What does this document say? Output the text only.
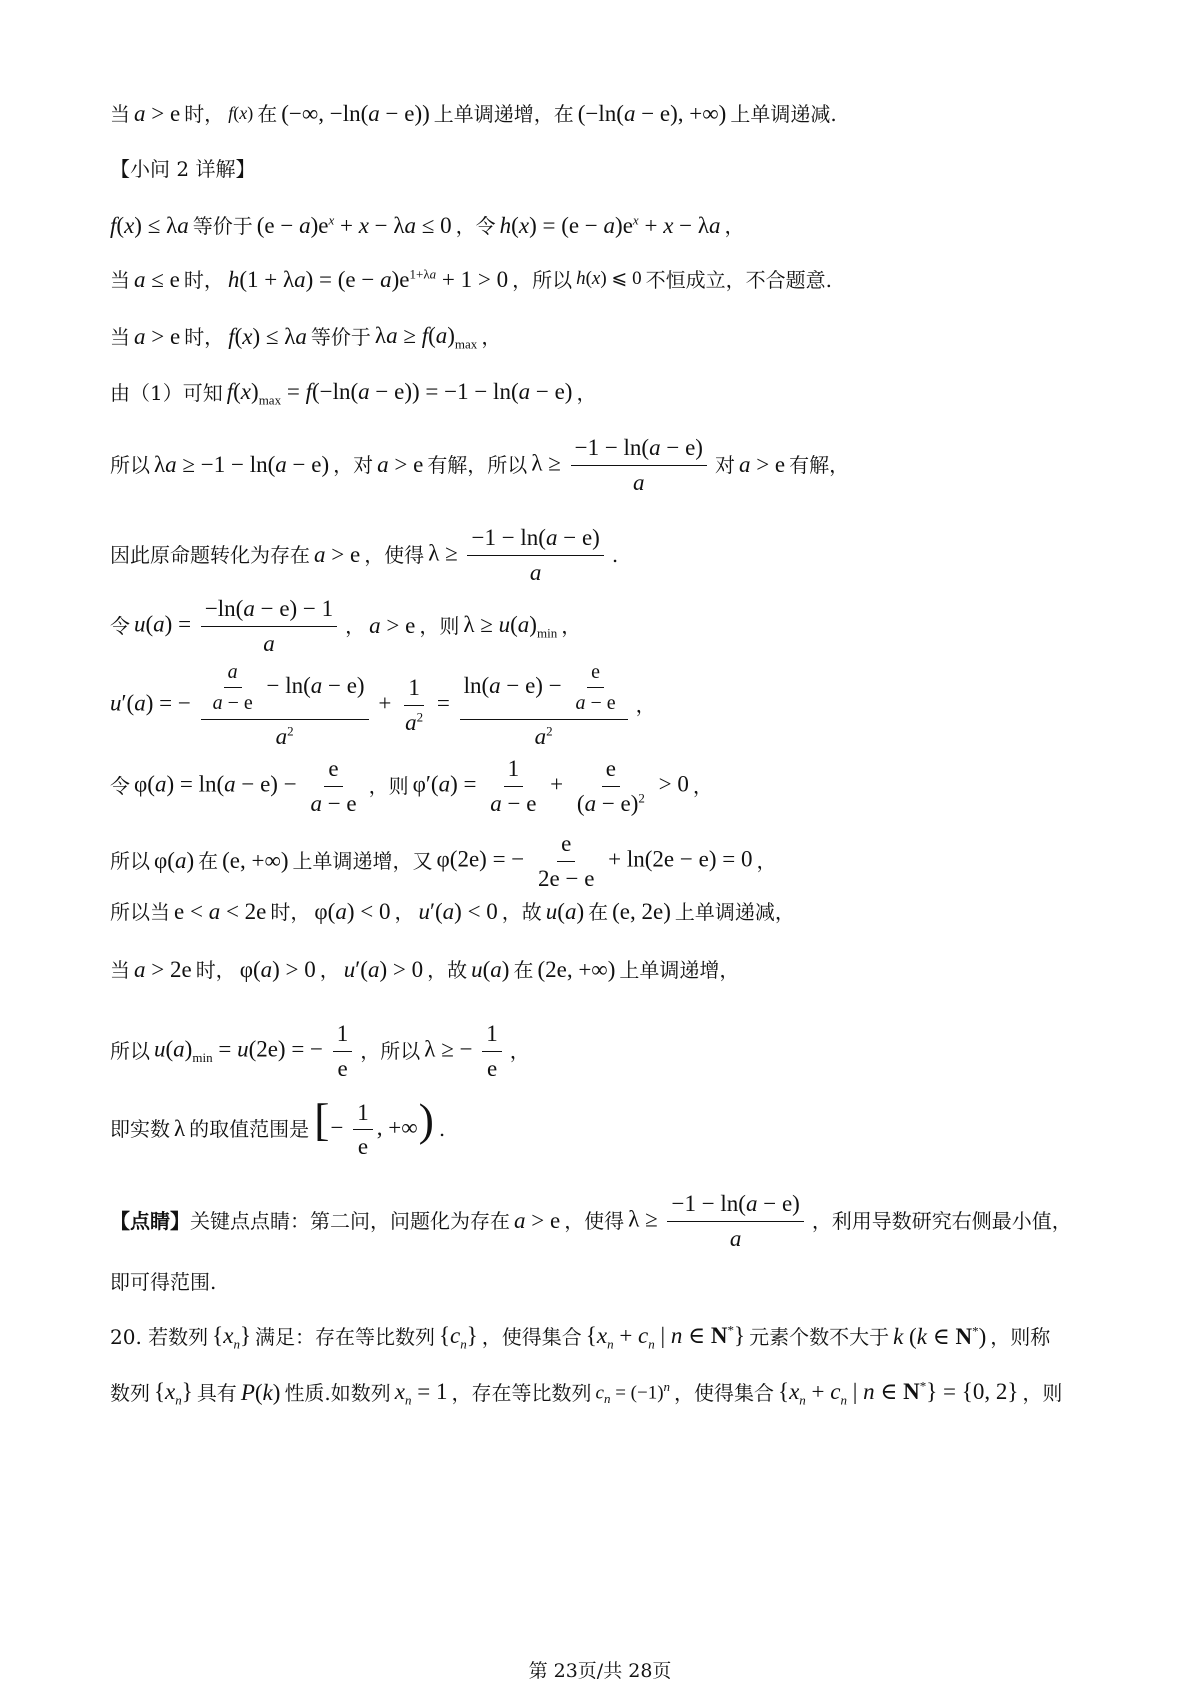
当 a > e 时， f(x) 在 (−∞, −ln(a − e)) 上单调递增，在 (−ln(a − e), +∞) 上单调递减.
【小问 2 详解】
f(x) ≤ λa 等价于 $(e - a)e^x + x - \lambda a \le 0$ ，令 $h(x) = (e - a)e^x + x - \lambda a$ ，
当 a ≤ e 时， $h(1 + \lambda a) = (e - a)e^{1+\lambda a} + 1 > 0$ ，所以 h(x) ⩽ 0 不恒成立，不合题意.
当 a > e 时， f(x) ≤ λa 等价于 $\lambda a \ge f(a)_{max}$ ，
由（1）可知 $f(x)_{max} = f(-\ln(a - e)) = -1 - \ln(a - e)$ ，
所以 λa ≥ −1 − ln(a − e) ，对 a > e 有解，所以 $\lambda \ge \frac{-1 - \ln(a - e)}{a}$ 对 a > e 有解，
因此原命题转化为存在 a > e ，使得 $\lambda \ge \frac{-1 - \ln(a - e)}{a}$ .
令 $u(a) = \frac{-\ln(a - e) - 1}{a}$ ， a > e ，则 $\lambda \ge u(a)_{min}$ ，
u′(a) = − $\frac{\frac{a}{a - e} - \ln(a - e)}{a^2} + \frac{1}{a^2} = \frac{\ln(a - e) - \frac{e}{a - e}}{a^2}$ ，
令 $\varphi(a) = \ln(a - e) - \frac{e}{a - e}$ ，则 $\varphi'(a) = \frac{1}{a - e} + \frac{e}{(a - e)^2} > 0$ ，
所以 φ(a) 在 (e, +∞) 上单调递增，又 φ(2e) = − $\frac{e}{2e - e} + \ln(2e - e) = 0$ ，
所以当 e < a < 2e 时， φ(a) < 0 ， u′(a) < 0 ，故 u(a) 在 (e, 2e) 上单调递减，
当 a > 2e 时， φ(a) > 0 ， u′(a) > 0 ，故 u(a) 在 (2e, +∞) 上单调递增，
所以 $u(a)_{min} = u(2e)$ = − $\frac{1}{e}$ ，所以 λ ≥ − $\frac{1}{e}$ ，
即实数 λ 的取值范围是 [− $\frac{1}{e}$ , +∞) .
【点睛】 关键点点睛：第二问，问题化为存在 a > e ，使得 $\lambda \ge \frac{-1 - \ln(a - e)}{a}$ ，利用导数研究右侧最小值，
即可得范围.
20. 若数列 $\{x_n\}$ 满足：存在等比数列 $\{c_n\}$ ，使得集合 {$x_n + c_n$ | n ∈ N*} 元素个数不大于 k (k ∈ N*) ，则称
数列 $\{x_n\}$ 具有 P(k) 性质.如数列 $x_n = 1$ ，存在等比数列 $c_n = (-1)^n$ ，使得集合 {$x_n + c_n$ | n ∈ N*} = {0, 2} ，则
第 23页/共 28页
